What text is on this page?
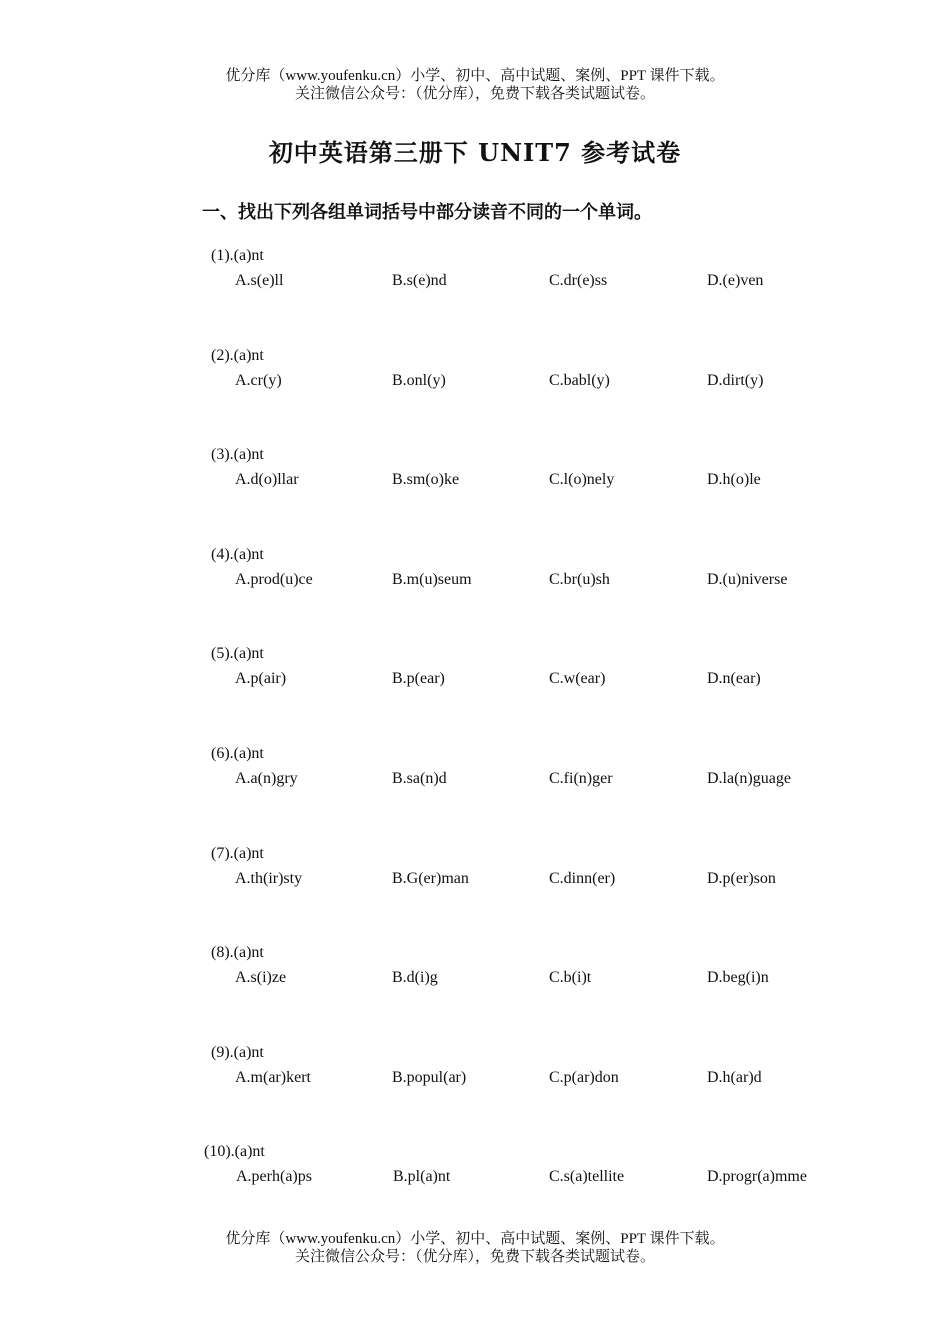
优分库（www.youfenku.cn）小学、初中、高中试题、案例、PPT 课件下载。
关注微信公众号：（优分库），免费下载各类试题试卷。
初中英语第三册下 UNIT7 参考试卷
一、找出下列各组单词括号中部分读音不同的一个单词。
(1).(a)nt
A.s(e)ll	B.s(e)nd	C.dr(e)ss	D.(e)ven
(2).(a)nt
A.cr(y)	B.onl(y)	C.babl(y)	D.dirt(y)
(3).(a)nt
A.d(o)llar	B.sm(o)ke	C.l(o)nely	D.h(o)le
(4).(a)nt
A.prod(u)ce	B.m(u)seum	C.br(u)sh	D.(u)niverse
(5).(a)nt
A.p(air)	B.p(ear)	C.w(ear)	D.n(ear)
(6).(a)nt
A.a(n)gry	B.sa(n)d	C.fi(n)ger	D.la(n)guage
(7).(a)nt
A.th(ir)sty	B.G(er)man	C.dinn(er)	D.p(er)son
(8).(a)nt
A.s(i)ze	B.d(i)g	C.b(i)t	D.beg(i)n
(9).(a)nt
A.m(ar)kert	B.popul(ar)	C.p(ar)don	D.h(ar)d
(10).(a)nt
A.perh(a)ps	B.pl(a)nt	C.s(a)tellite	D.progr(a)mme
优分库（www.youfenku.cn）小学、初中、高中试题、案例、PPT 课件下载。
关注微信公众号：（优分库），免费下载各类试题试卷。
